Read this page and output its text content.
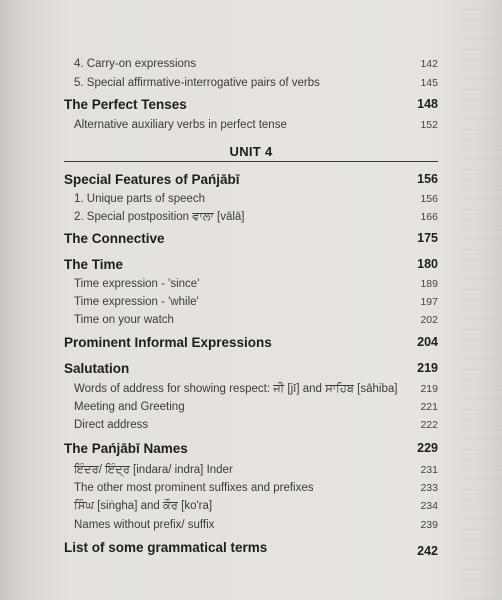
4. Carry-on expressions	142
5. Special affirmative-interrogative pairs of verbs	145
The Perfect Tenses	148
Alternative auxiliary verbs in perfect tense	152
UNIT 4
Special Features of Pańjābī	156
1. Unique parts of speech	156
2. Special postposition ਵਾਲਾ [vālā]	166
The Connective	175
The Time	180
Time expression - 'since'	189
Time expression - 'while'	197
Time on your watch	202
Prominent Informal Expressions	204
Salutation	219
Words of address for showing respect: ਜੀ [jī] and ਸਾਹਿਬ [sāhiba] 219
Meeting and Greeting	221
Direct address	222
The Pańjābī Names	229
ਇੰਦਰ/ ਇੰਦ੍ਰ [indara/ indra] Inder	231
The other most prominent suffixes and prefixes	233
ਸਿੰਘ [siṅgha] and ਕੌਰ [ko'ra]	234
Names without prefix/ suffix	239
List of some grammatical terms	242
